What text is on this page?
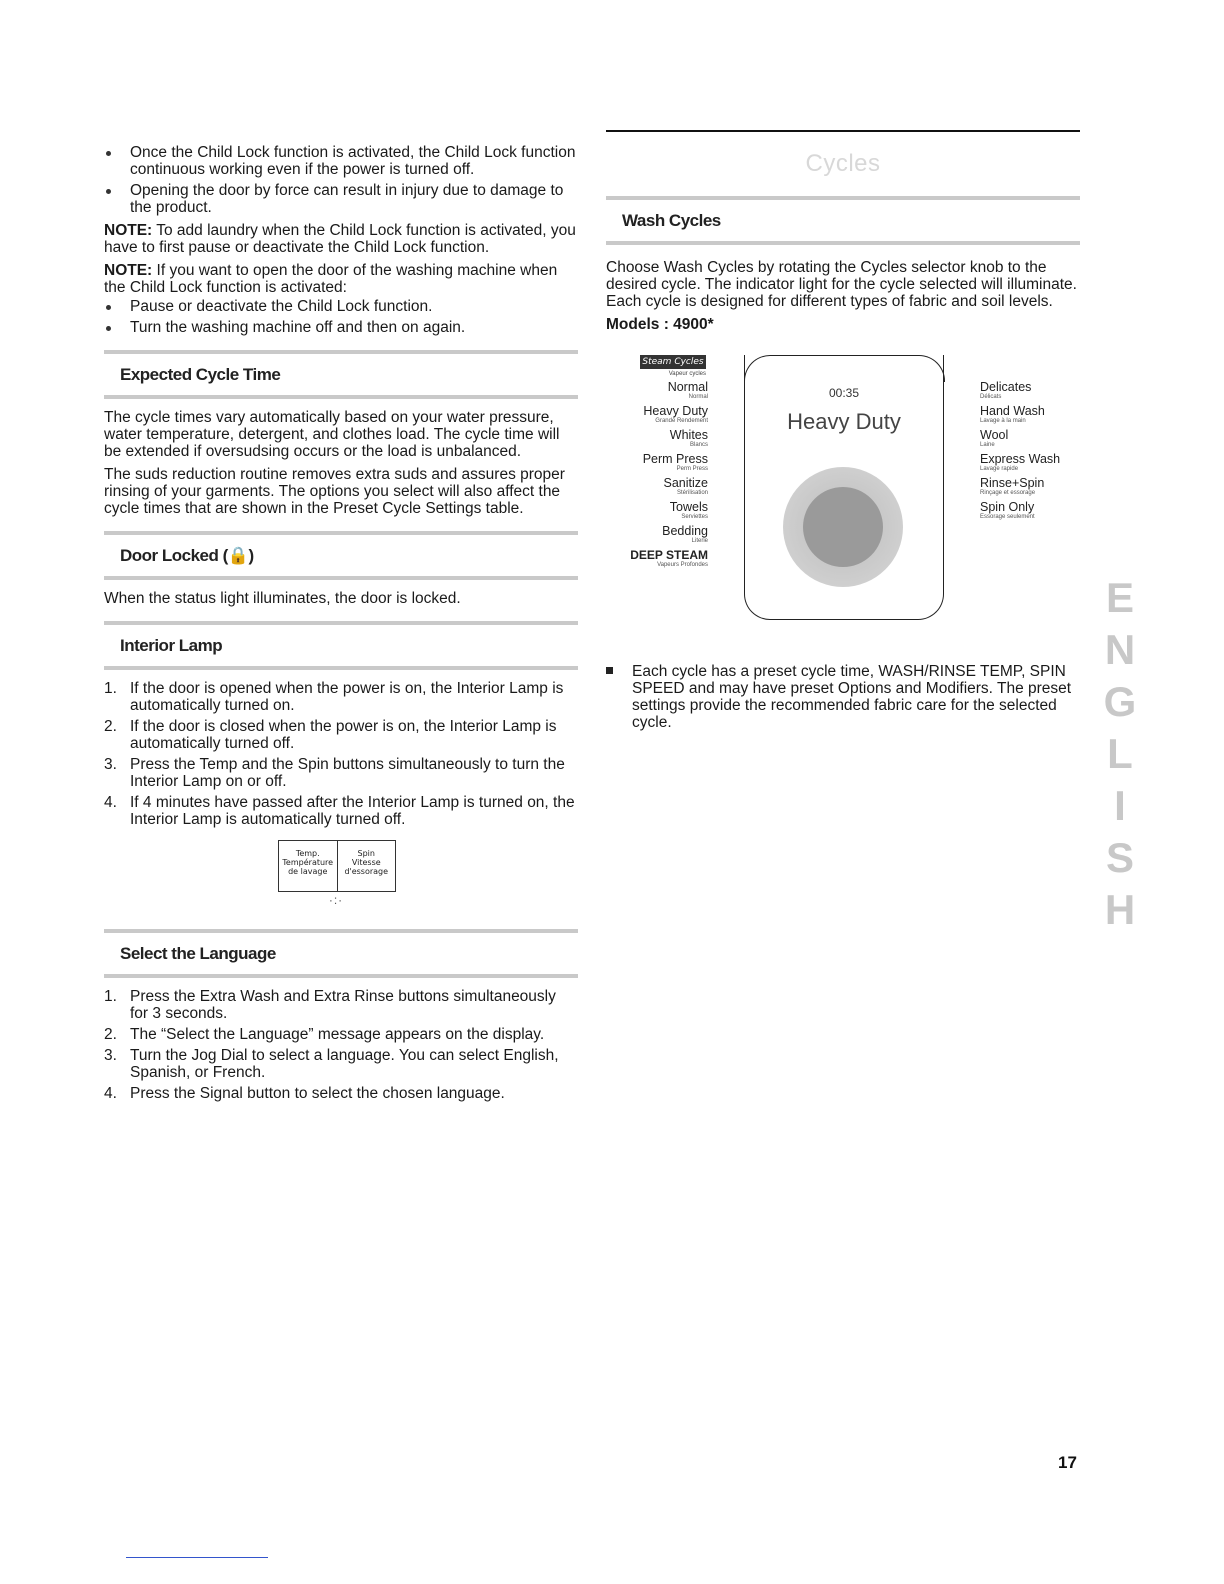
Once the Child Lock function is activated, the Child Lock function continuous working even if the power is turned off.
Opening the door by force can result in injury due to damage to the product.

NOTE: To add laundry when the Child Lock function is activated, you have to first pause or deactivate the Child Lock function.

NOTE: If you want to open the door of the washing machine when the Child Lock function is activated:

Pause or deactivate the Child Lock function.
Turn the washing machine off and then on again.
Expected Cycle Time

The cycle times vary automatically based on your water pressure, water temperature, detergent, and clothes load. The cycle time will be extended if oversudsing occurs or the load is unbalanced.

The suds reduction routine removes extra suds and assures proper rinsing of your garments. The options you select will also affect the cycle times that are shown in the Preset Cycle Settings table.

Door Locked (🔒)

When the status light illuminates, the door is locked.

Interior Lamp
1. If the door is opened when the power is on, the Interior Lamp is automatically turned on.
2. If the door is closed when the power is on, the Interior Lamp is automatically turned off.
3. Press the Temp and the Spin buttons simultaneously to turn the Interior Lamp on or off.
4. If 4 minutes have passed after the Interior Lamp is turned on, the Interior Lamp is automatically turned off.
Temp.
Température
de lavage
Spin
Vitesse
d'essorage
·:·
Select the Language
1. Press the Extra Wash and Extra Rinse buttons simultaneously for 3 seconds.
2. The “Select the Language” message appears on the display.
3. Turn the Jog Dial to select a language. You can select English, Spanish, or French.
4. Press the Signal button to select the chosen language.
Cycles
Wash Cycles

Choose Wash Cycles by rotating the Cycles selector knob to the desired cycle. The indicator light for the cycle selected will illuminate. Each cycle is designed for different types of fabric and soil levels.

Models : 4900*
Steam Cycles
Vapeur cycles
Normal
Normal
Heavy Duty
Grande Rendement
Whites
Blancs
Perm Press
Perm Press
Sanitize
Stérilisation
Towels
Serviettes
Bedding
Literie
DEEP STEAM
Vapeurs Profondes
00:35
Heavy Duty
Delicates
Délicats
Hand Wash
Lavage à la main
Wool
Laine
Express Wash
Lavage rapide
Rinse+Spin
Rinçage et essorage
Spin Only
Essorage seulement
Each cycle has a preset cycle time, WASH/RINSE TEMP, SPIN SPEED and may have preset Options and Modifiers. The preset settings provide the recommended fabric care for the selected cycle.
E
N
G
L
I
S
H
17
